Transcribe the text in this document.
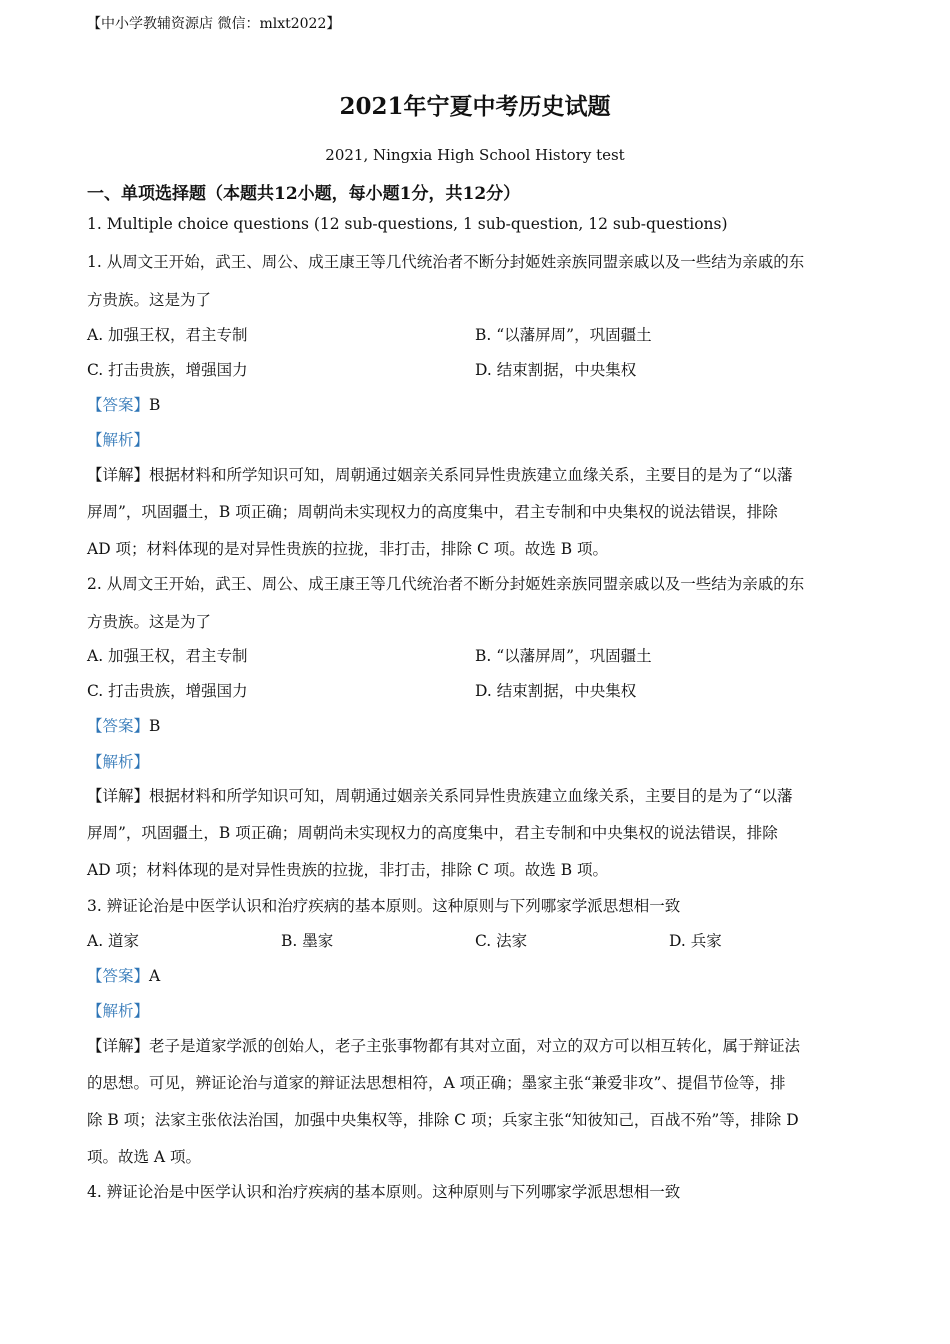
【中小学教辅资源店 微信：mlxt2022】
2021年宁夏中考历史试题
2021, Ningxia High School History test
一、单项选择题（本题共12小题，每小题1分，共12分）
1. Multiple choice questions (12 sub-questions, 1 sub-question, 12 sub-questions)
1. 从周文王开始，武王、周公、成王康王等几代统治者不断分封姬姓亲族同盟亲戚以及一些结为亲戚的东
方贵族。这是为了
A. 加强王权，君主专制	B. “以藩屏周”，巩固疆土
C. 打击贵族，增强国力	D. 结束割据，中央集权
【答案】B
【解析】
【详解】根据材料和所学知识可知，周朝通过姻亲关系同异性贵族建立血缘关系，主要目的是为了“以藩
屏周”，巩固疆土，B 项正确；周朝尚未实现权力的高度集中，君主专制和中央集权的说法错误，排除
AD 项；材料体现的是对异性贵族的拉拢，非打击，排除 C 项。故选 B 项。
2. 从周文王开始，武王、周公、成王康王等几代统治者不断分封姬姓亲族同盟亲戚以及一些结为亲戚的东
方贵族。这是为了
A. 加强王权，君主专制	B. “以藩屏周”，巩固疆土
C. 打击贵族，增强国力	D. 结束割据，中央集权
【答案】B
【解析】
【详解】根据材料和所学知识可知，周朝通过姻亲关系同异性贵族建立血缘关系，主要目的是为了“以藩
屏周”，巩固疆土，B 项正确；周朝尚未实现权力的高度集中，君主专制和中央集权的说法错误，排除
AD 项；材料体现的是对异性贵族的拉拢，非打击，排除 C 项。故选 B 项。
3. 辨证论治是中医学认识和治疗疾病的基本原则。这种原则与下列哪家学派思想相一致
A. 道家	B. 墨家	C. 法家	D. 兵家
【答案】A
【解析】
【详解】老子是道家学派的创始人，老子主张事物都有其对立面，对立的双方可以相互转化，属于辩证法
的思想。可见，辨证论治与道家的辩证法思想相符，A 项正确；墨家主张“兼爱非攻”、提倡节俭等，排
除 B 项；法家主张依法治国，加强中央集权等，排除 C 项；兵家主张“知彼知己，百战不殆”等，排除 D
项。故选 A 项。
4. 辨证论治是中医学认识和治疗疾病的基本原则。这种原则与下列哪家学派思想相一致
